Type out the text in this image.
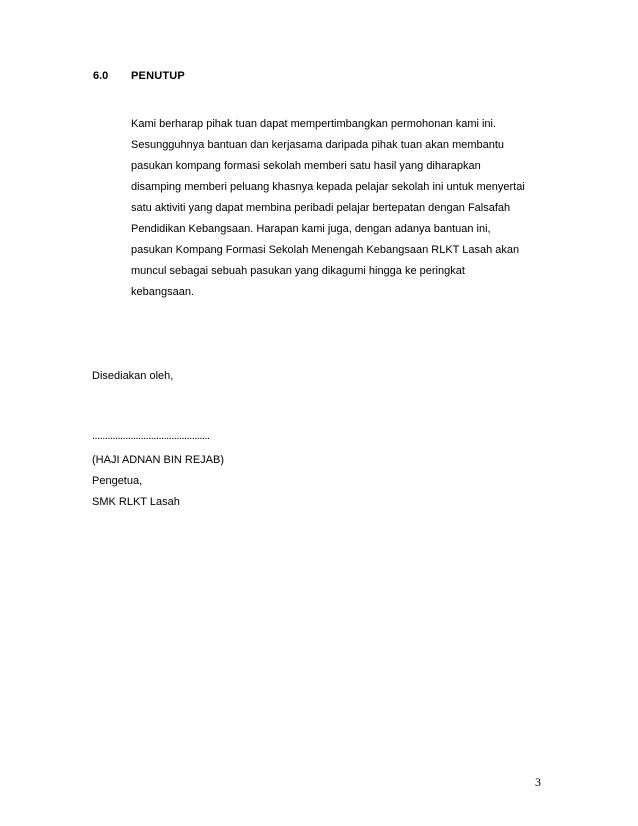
6.0 PENUTUP
Kami berharap pihak tuan dapat mempertimbangkan permohonan kami ini.
Sesungguhnya bantuan dan kerjasama daripada pihak tuan akan membantu
pasukan kompang formasi sekolah memberi satu hasil yang diharapkan
disamping memberi peluang khasnya kepada pelajar sekolah ini untuk menyertai
satu aktiviti yang dapat membina peribadi pelajar bertepatan dengan Falsafah
Pendidikan Kebangsaan. Harapan kami juga, dengan adanya bantuan ini,
pasukan Kompang Formasi Sekolah Menengah Kebangsaan RLKT Lasah akan
muncul sebagai sebuah pasukan yang dikagumi hingga ke peringkat
kebangsaan.
Disediakan oleh,
..............................................
(HAJI ADNAN BIN REJAB)
Pengetua,
SMK RLKT Lasah
3
